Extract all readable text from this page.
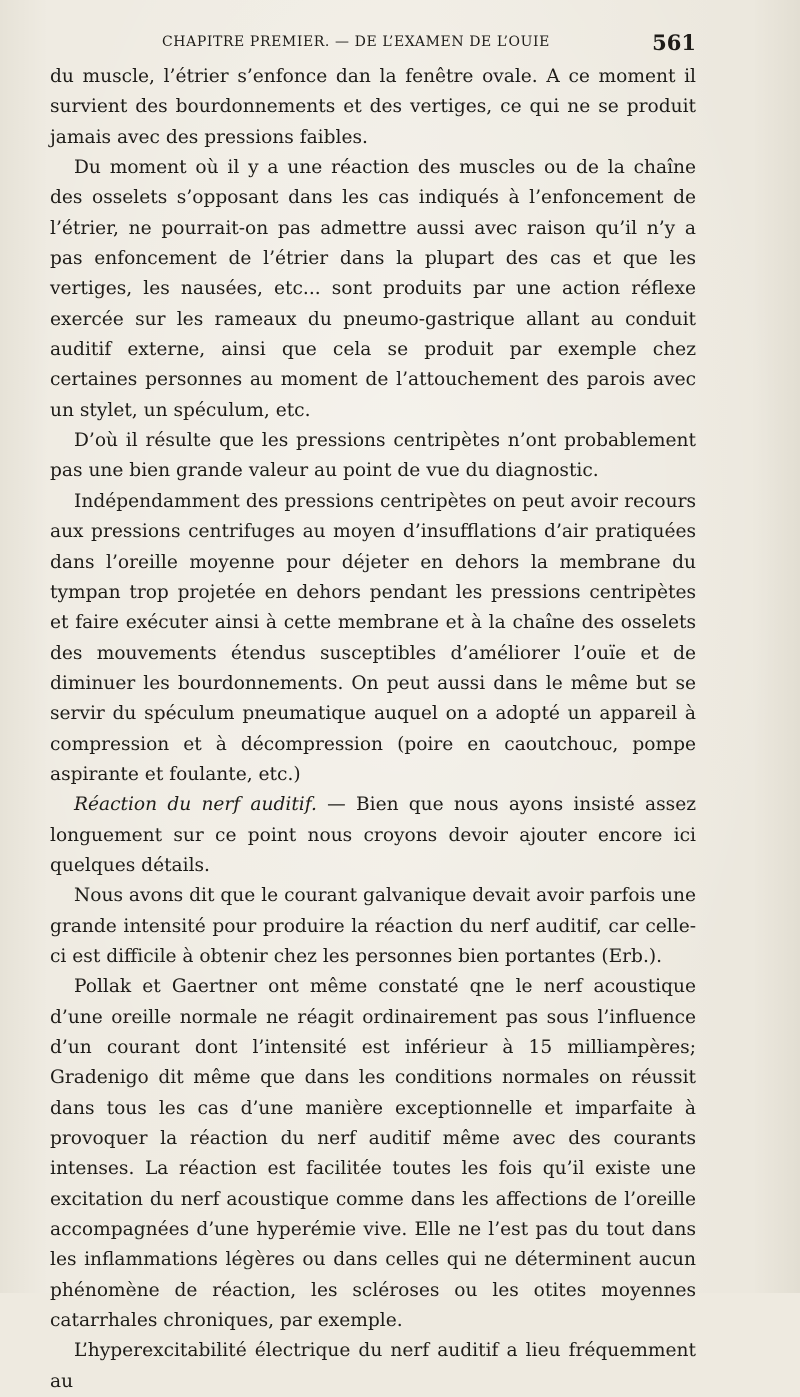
CHAPITRE PREMIER. — DE L’EXAMEN DE L’OUIE	561

du muscle, l’étrier s’enfonce dan la fenêtre ovale. A ce moment il survient des bourdonnements et des vertiges, ce qui ne se produit jamais avec des pressions faibles.

Du moment où il y a une réaction des muscles ou de la chaîne des osselets s’opposant dans les cas indiqués à l’enfoncement de l’étrier, ne pourrait-on pas admettre aussi avec raison qu’il n’y a pas enfoncement de l’étrier dans la plupart des cas et que les vertiges, les nausées, etc... sont produits par une action réflexe exercée sur les rameaux du pneumo-gastrique allant au conduit auditif externe, ainsi que cela se produit par exemple chez certaines personnes au moment de l’attouchement des parois avec un stylet, un spéculum, etc.

D’où il résulte que les pressions centripètes n’ont probablement pas une bien grande valeur au point de vue du diagnostic.

Indépendamment des pressions centripètes on peut avoir recours aux pressions centrifuges au moyen d’insufflations d’air pratiquées dans l’oreille moyenne pour déjeter en dehors la membrane du tympan trop projetée en dehors pendant les pressions centripètes et faire exécuter ainsi à cette membrane et à la chaîne des osselets des mouvements étendus susceptibles d’améliorer l’ouïe et de diminuer les bourdonnements. On peut aussi dans le même but se servir du spéculum pneumatique auquel on a adopté un appareil à compression et à décompression (poire en caoutchouc, pompe aspirante et foulante, etc.)

Réaction du nerf auditif. — Bien que nous ayons insisté assez longuement sur ce point nous croyons devoir ajouter encore ici quelques détails.

Nous avons dit que le courant galvanique devait avoir parfois une grande intensité pour produire la réaction du nerf auditif, car celle-ci est difficile à obtenir chez les personnes bien portantes (Erb.).

Pollak et Gaertner ont même constaté qne le nerf acoustique d’une oreille normale ne réagit ordinairement pas sous l’influence d’un courant dont l’intensité est inférieur à 15 milliampères; Gradenigo dit même que dans les conditions normales on réussit dans tous les cas d’une manière exceptionnelle et imparfaite à provoquer la réaction du nerf auditif même avec des courants intenses. La réaction est facilitée toutes les fois qu’il existe une excitation du nerf acoustique comme dans les affections de l’oreille accompagnées d’une hyperémie vive. Elle ne l’est pas du tout dans les inflammations légères ou dans celles qui ne déterminent aucun phénomène de réaction, les scléroses ou les otites moyennes catarrhales chroniques, par exemple.

L’hyperexcitabilité électrique du nerf auditif a lieu fréquemment au
